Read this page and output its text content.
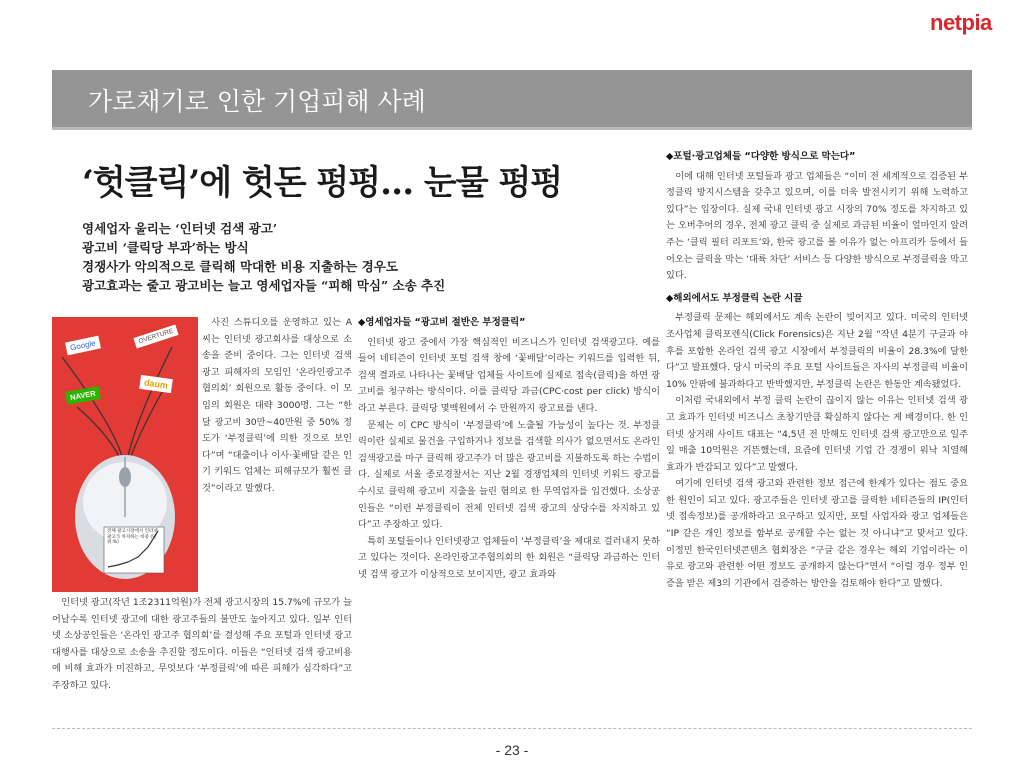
netpia
가로채기로 인한 기업피해 사례
‘헛클릭’에 헛돈 펑펑… 눈물 펑펑
영세업자 울리는 ‘인터넷 검색 광고’
광고비 ‘클릭당 부과’하는 방식
경쟁사가 악의적으로 클릭해 막대한 비용 지출하는 경우도
광고효과는 줄고 광고비는 늘고 영세업자들 “피해 막심” 소송 추진
Google
OVERTURE
NAVER
daum
전체 광고시장에서 인터넷광고가 차지하는 비중 (단위:%)

사진 스튜디오를 운영하고 있는 A씨는 인터넷 광고회사를 대상으로 소송을 준비 중이다. 그는 인터넷 검색 광고 피해자의 모임인 ‘온라인광고주 협의회’ 회원으로 활동 중이다. 이 모임의 회원은 대략 3000명. 그는 “한 달 광고비 30만~40만원 중 50% 정도가 ‘부정클릭’에 의한 것으로 보인다”며 “대출이나 이사·꽃배달 같은 인기 키워드 업체는 피해규모가 훨씬 클 것”이라고 말했다.

인터넷 광고(작년 1조2311억원)가 전체 광고시장의 15.7%에 규모가 늘어날수록 인터넷 광고에 대한 광고주들의 불만도 높아지고 있다. 일부 인터넷 소상공인들은 ‘온라인 광고주 협의회’를 결성해 주요 포털과 인터넷 광고 대행사를 대상으로 소송을 추진할 정도이다. 이들은 “인터넷 검색 광고비용에 비해 효과가 미진하고, 무엇보다 ‘부정클릭’에 따른 피해가 심각하다”고 주장하고 있다.

◆영세업자들 “광고비 절반은 부정클릭”

인터넷 광고 중에서 가장 핵심적인 비즈니스가 인터넷 검색광고다. 예를 들어 네티즌이 인터넷 포털 검색 창에 ‘꽃배달’이라는 키워드를 입력한 뒤, 검색 결과로 나타나는 꽃배달 업체들 사이트에 실제로 접속(클릭)을 하면 광고비를 청구하는 방식이다. 이를 클릭당 과금(CPC·cost per click) 방식이라고 부른다. 클릭당 몇백원에서 수 만원까지 광고료를 낸다.

문제는 이 CPC 방식이 ‘부정클릭’에 노출될 가능성이 높다는 것. 부정클릭이란 실제로 물건을 구입하거나 정보를 검색할 의사가 없으면서도 온라인 검색광고를 마구 클릭해 광고주가 더 많은 광고비를 지불하도록 하는 수법이다. 실제로 서울 종로경찰서는 지난 2월 경쟁업체의 인터넷 키워드 광고를 수시로 클릭해 광고비 지출을 늘린 혐의로 한 무역업자를 입건했다. 소상공인들은 “이런 부정클릭이 전체 인터넷 검색 광고의 상당수를 차지하고 있다”고 주장하고 있다.

특히 포털들이나 인터넷광고 업체들이 ‘부정클릭’을 제대로 걸러내지 못하고 있다는 것이다. 온라인광고주협의회의 한 회원은 “클릭당 과금하는 인터넷 검색 광고가 이상적으로 보이지만, 광고 효과와

◆포털·광고업체들 “다양한 방식으로 막는다”

이에 대해 인터넷 포털들과 광고 업체들은 “이미 전 세계적으로 검증된 부정클릭 방지시스템을 갖추고 있으며, 이를 더욱 발전시키기 위해 노력하고 있다”는 입장이다. 실제 국내 인터넷 광고 시장의 70% 정도를 차지하고 있는 오버추어의 경우, 전체 광고 클릭 중 실제로 과금된 비율이 얼마인지 알려주는 ‘클릭 필터 리포트’와, 한국 광고를 볼 이유가 없는 아프리카 등에서 들어오는 클릭을 막는 ‘대륙 차단’ 서비스 등 다양한 방식으로 부정클릭을 막고 있다.

◆해외에서도 부정클릭 논란 시끌

부정클릭 문제는 해외에서도 계속 논란이 빚어지고 있다. 미국의 인터넷 조사업체 클릭포렌식(Click Forensics)은 지난 2월 “작년 4분기 구글과 야후를 포함한 온라인 검색 광고 시장에서 부정클릭의 비율이 28.3%에 달한다”고 발표했다. 당시 미국의 주요 포털 사이트들은 자사의 부정클릭 비율이 10% 안팎에 불과하다고 반박했지만, 부정클릭 논란은 한동안 계속됐었다.

이처럼 국내외에서 부정 클릭 논란이 끊이지 않는 이유는 인터넷 검색 광고 효과가 인터넷 비즈니스 초창기만큼 확실하지 않다는 게 배경이다. 한 인터넷 상거래 사이트 대표는 “4,5년 전 만해도 인터넷 검색 광고만으로 일주일 매출 10억원은 거뜬했는데, 요즘에 인터넷 기업 간 경쟁이 워낙 치열해 효과가 반감되고 있다”고 말했다.

여기에 인터넷 검색 광고와 관련한 정보 접근에 한계가 있다는 점도 중요한 원인이 되고 있다. 광고주들은 인터넷 광고를 클릭한 네티즌들의 IP(인터넷 접속정보)를 공개하라고 요구하고 있지만, 포털 사업자와 광고 업체들은 “IP 같은 개인 정보를 함부로 공개할 수는 없는 것 아니냐”고 맞서고 있다. 이정민 한국인터넷콘텐츠 협회장은 “구글 같은 경우는 해외 기업이라는 이유로 광고와 관련한 어떤 정보도 공개하지 않는다”면서 “이럴 경우 정부 인증을 받은 제3의 기관에서 검증하는 방안을 검토해야 한다”고 말했다.

- 23 -
